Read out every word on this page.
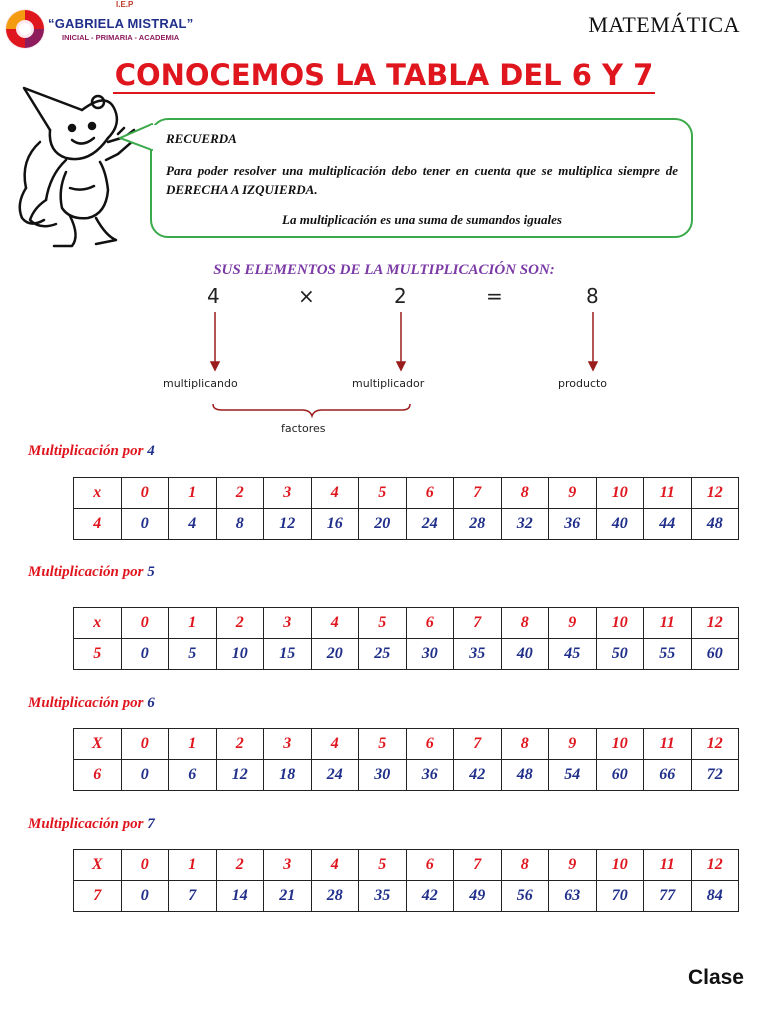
I.E.P
“GABRIELA MISTRAL”
INICIAL - PRIMARIA - ACADEMIA
MATEMÁTICA
CONOCEMOS LA TABLA DEL 6 Y 7
RECUERDA
Para poder resolver una multiplicación debo tener en cuenta que se multiplica siempre de DERECHA A IZQUIERDA.
La multiplicación es una suma de sumandos iguales
SUS ELEMENTOS DE LA MULTIPLICACIÓN SON:
4	×	2	=	8
multiplicando	multiplicador	producto
factores
Multiplicación por 4
x	0	1	2	3	4	5	6	7	8	9	10	11	12
4	0	4	8	12	16	20	24	28	32	36	40	44	48
Multiplicación por 5
x	0	1	2	3	4	5	6	7	8	9	10	11	12
5	0	5	10	15	20	25	30	35	40	45	50	55	60
Multiplicación por 6
X	0	1	2	3	4	5	6	7	8	9	10	11	12
6	0	6	12	18	24	30	36	42	48	54	60	66	72
Multiplicación por 7
X	0	1	2	3	4	5	6	7	8	9	10	11	12
7	0	7	14	21	28	35	42	49	56	63	70	77	84
Clase
